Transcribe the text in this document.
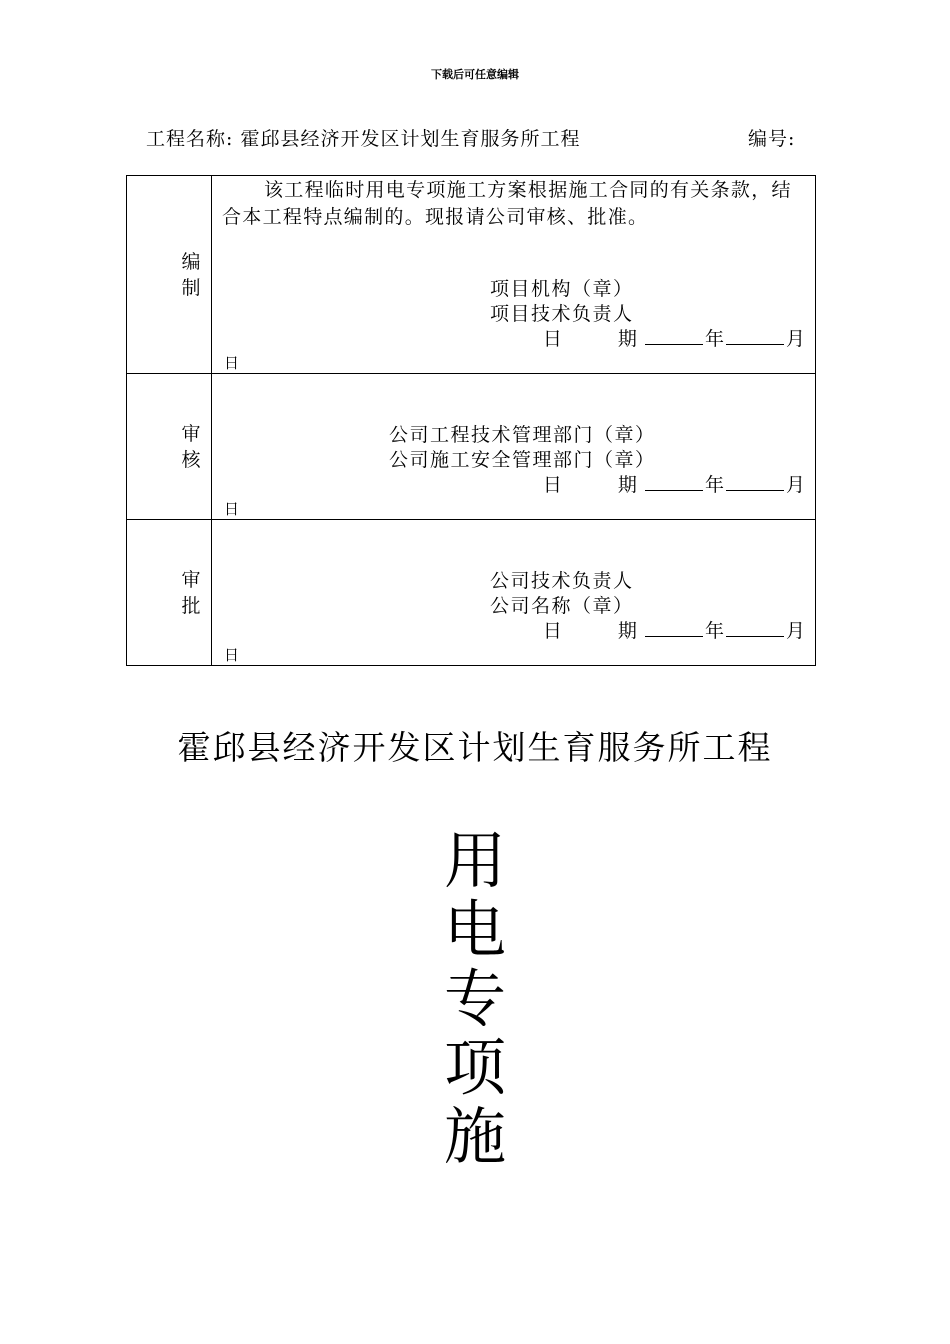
下载后可任意编辑
工程名称: 霍邱县经济开发区计划生育服务所工程	编号:
编制	该工程临时用电专项施工方案根据施工合同的有关条款，结合本工程特点编制的。现报请公司审核、批准。
项目机构（章）
项目技术负责人
日 期 年 月
日

审核	公司工程技术管理部门（章）
公司施工安全管理部门（章）
日 期 年 月
日

审批	公司技术负责人
公司名称（章）
日 期 年 月
日
霍邱县经济开发区计划生育服务所工程
用
电
专
项
施
